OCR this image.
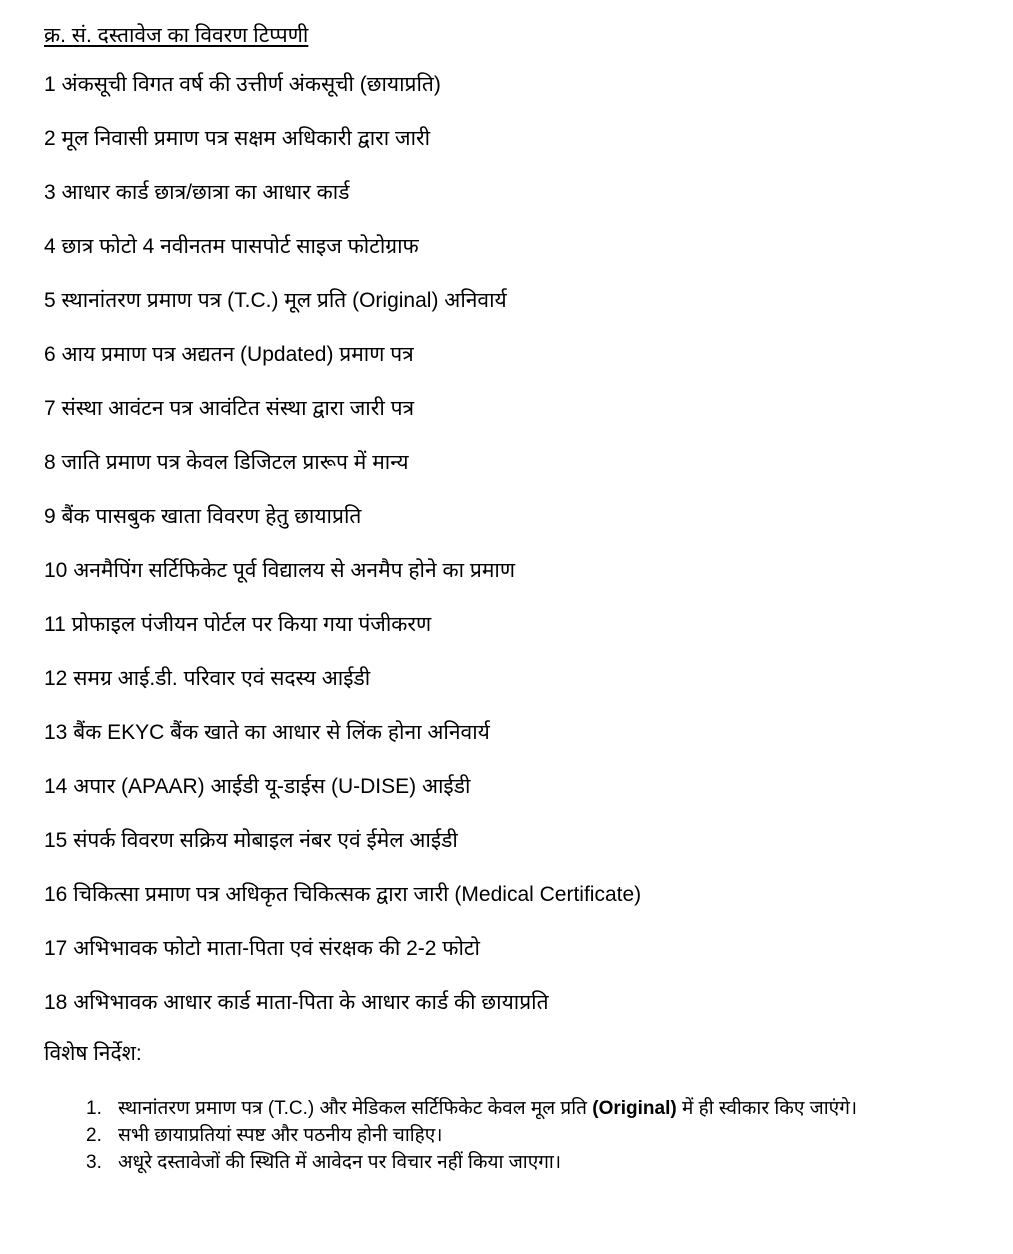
क्र. सं. दस्तावेज का विवरण टिप्पणी
1 अंकसूची विगत वर्ष की उत्तीर्ण अंकसूची (छायाप्रति)
2 मूल निवासी प्रमाण पत्र सक्षम अधिकारी द्वारा जारी
3 आधार कार्ड छात्र/छात्रा का आधार कार्ड
4 छात्र फोटो 4 नवीनतम पासपोर्ट साइज फोटोग्राफ
5 स्थानांतरण प्रमाण पत्र (T.C.) मूल प्रति (Original) अनिवार्य
6 आय प्रमाण पत्र अद्यतन (Updated) प्रमाण पत्र
7 संस्था आवंटन पत्र आवंटित संस्था द्वारा जारी पत्र
8 जाति प्रमाण पत्र केवल डिजिटल प्रारूप में मान्य
9 बैंक पासबुक खाता विवरण हेतु छायाप्रति
10 अनमैपिंग सर्टिफिकेट पूर्व विद्यालय से अनमैप होने का प्रमाण
11 प्रोफाइल पंजीयन पोर्टल पर किया गया पंजीकरण
12 समग्र आई.डी. परिवार एवं सदस्य आईडी
13 बैंक EKYC बैंक खाते का आधार से लिंक होना अनिवार्य
14 अपार (APAAR) आईडी यू-डाईस (U-DISE) आईडी
15 संपर्क विवरण सक्रिय मोबाइल नंबर एवं ईमेल आईडी
16 चिकित्सा प्रमाण पत्र अधिकृत चिकित्सक द्वारा जारी (Medical Certificate)
17 अभिभावक फोटो माता-पिता एवं संरक्षक की 2-2 फोटो
18 अभिभावक आधार कार्ड माता-पिता के आधार कार्ड की छायाप्रति
विशेष निर्देश:
1. स्थानांतरण प्रमाण पत्र (T.C.) और मेडिकल सर्टिफिकेट केवल मूल प्रति (Original) में ही स्वीकार किए जाएंगे।
2. सभी छायाप्रतियां स्पष्ट और पठनीय होनी चाहिए।
3. अधूरे दस्तावेजों की स्थिति में आवेदन पर विचार नहीं किया जाएगा।
